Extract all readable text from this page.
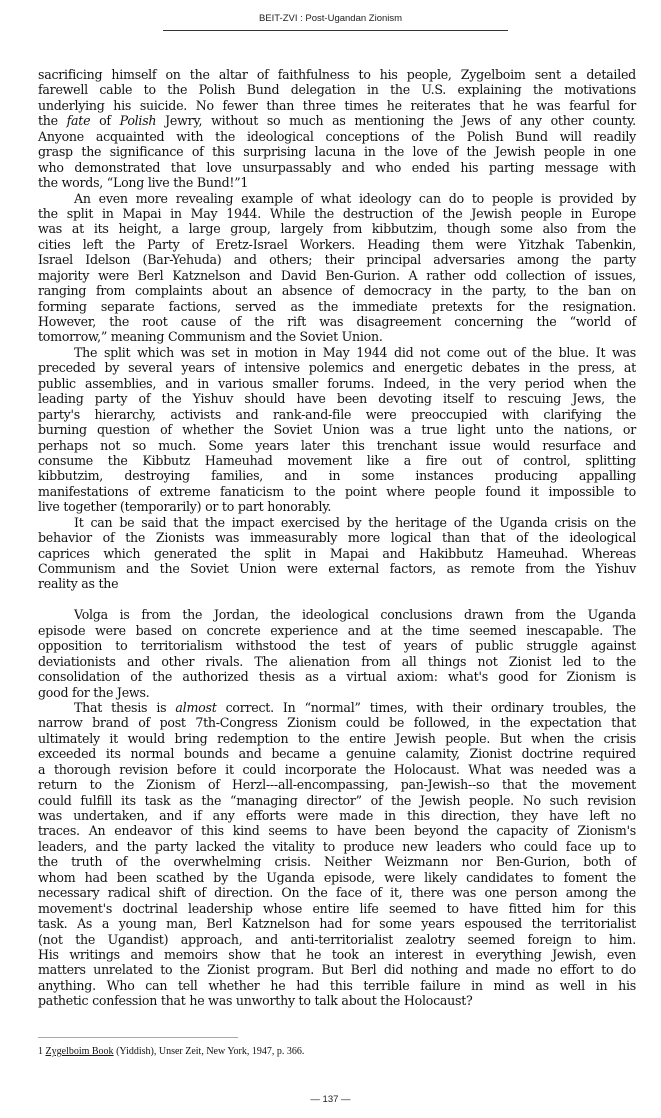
BEIT-ZVI : Post-Ugandan Zionism
sacrificing himself on the altar of faithfulness to his people, Zygelboim sent a detailed
farewell cable to the Polish Bund delegation in the U.S. explaining the motivations
underlying his suicide. No fewer than three times he reiterates that he was fearful for
the fate of Polish Jewry, without so much as mentioning the Jews of any other county.
Anyone acquainted with the ideological conceptions of the Polish Bund will readily
grasp the significance of this surprising lacuna in the love of the Jewish people in one
who demonstrated that love unsurpassably and who ended his parting message with
the words, “Long live the Bund!”1
An even more revealing example of what ideology can do to people is provided by
the split in Mapai in May 1944. While the destruction of the Jewish people in Europe
was at its height, a large group, largely from kibbutzim, though some also from the
cities left the Party of Eretz-Israel Workers. Heading them were Yitzhak Tabenkin,
Israel Idelson (Bar-Yehuda) and others; their principal adversaries among the party
majority were Berl Katznelson and David Ben-Gurion. A rather odd collection of issues,
ranging from complaints about an absence of democracy in the party, to the ban on
forming separate factions, served as the immediate pretexts for the resignation.
However, the root cause of the rift was disagreement concerning the “world of
tomorrow,” meaning Communism and the Soviet Union.
The split which was set in motion in May 1944 did not come out of the blue. It was
preceded by several years of intensive polemics and energetic debates in the press, at
public assemblies, and in various smaller forums. Indeed, in the very period when the
leading party of the Yishuv should have been devoting itself to rescuing Jews, the
party's hierarchy, activists and rank-and-file were preoccupied with clarifying the
burning question of whether the Soviet Union was a true light unto the nations, or
perhaps not so much. Some years later this trenchant issue would resurface and
consume the Kibbutz Hameuhad movement like a fire out of control, splitting
kibbutzim, destroying families, and in some instances producing appalling
manifestations of extreme fanaticism to the point where people found it impossible to
live together (temporarily) or to part honorably.
It can be said that the impact exercised by the heritage of the Uganda crisis on the
behavior of the Zionists was immeasurably more logical than that of the ideological
caprices which generated the split in Mapai and Hakibbutz Hameuhad. Whereas
Communism and the Soviet Union were external factors, as remote from the Yishuv
reality as the
Volga is from the Jordan, the ideological conclusions drawn from the Uganda
episode were based on concrete experience and at the time seemed inescapable. The
opposition to territorialism withstood the test of years of public struggle against
deviationists and other rivals. The alienation from all things not Zionist led to the
consolidation of the authorized thesis as a virtual axiom: what's good for Zionism is
good for the Jews.
That thesis is almost correct. In “normal” times, with their ordinary troubles, the
narrow brand of post 7th-Congress Zionism could be followed, in the expectation that
ultimately it would bring redemption to the entire Jewish people. But when the crisis
exceeded its normal bounds and became a genuine calamity, Zionist doctrine required
a thorough revision before it could incorporate the Holocaust. What was needed was a
return to the Zionism of Herzl---all-encompassing, pan-Jewish--so that the movement
could fulfill its task as the “managing director” of the Jewish people. No such revision
was undertaken, and if any efforts were made in this direction, they have left no
traces. An endeavor of this kind seems to have been beyond the capacity of Zionism's
leaders, and the party lacked the vitality to produce new leaders who could face up to
the truth of the overwhelming crisis. Neither Weizmann nor Ben-Gurion, both of
whom had been scathed by the Uganda episode, were likely candidates to foment the
necessary radical shift of direction. On the face of it, there was one person among the
movement's doctrinal leadership whose entire life seemed to have fitted him for this
task. As a young man, Berl Katznelson had for some years espoused the territorialist
(not the Ugandist) approach, and anti-territorialist zealotry seemed foreign to him.
His writings and memoirs show that he took an interest in everything Jewish, even
matters unrelated to the Zionist program. But Berl did nothing and made no effort to do
anything. Who can tell whether he had this terrible failure in mind as well in his
pathetic confession that he was unworthy to talk about the Holocaust?
1 Zygelboim Book (Yiddish), Unser Zeit, New York, 1947, p. 366.
— 137 —
